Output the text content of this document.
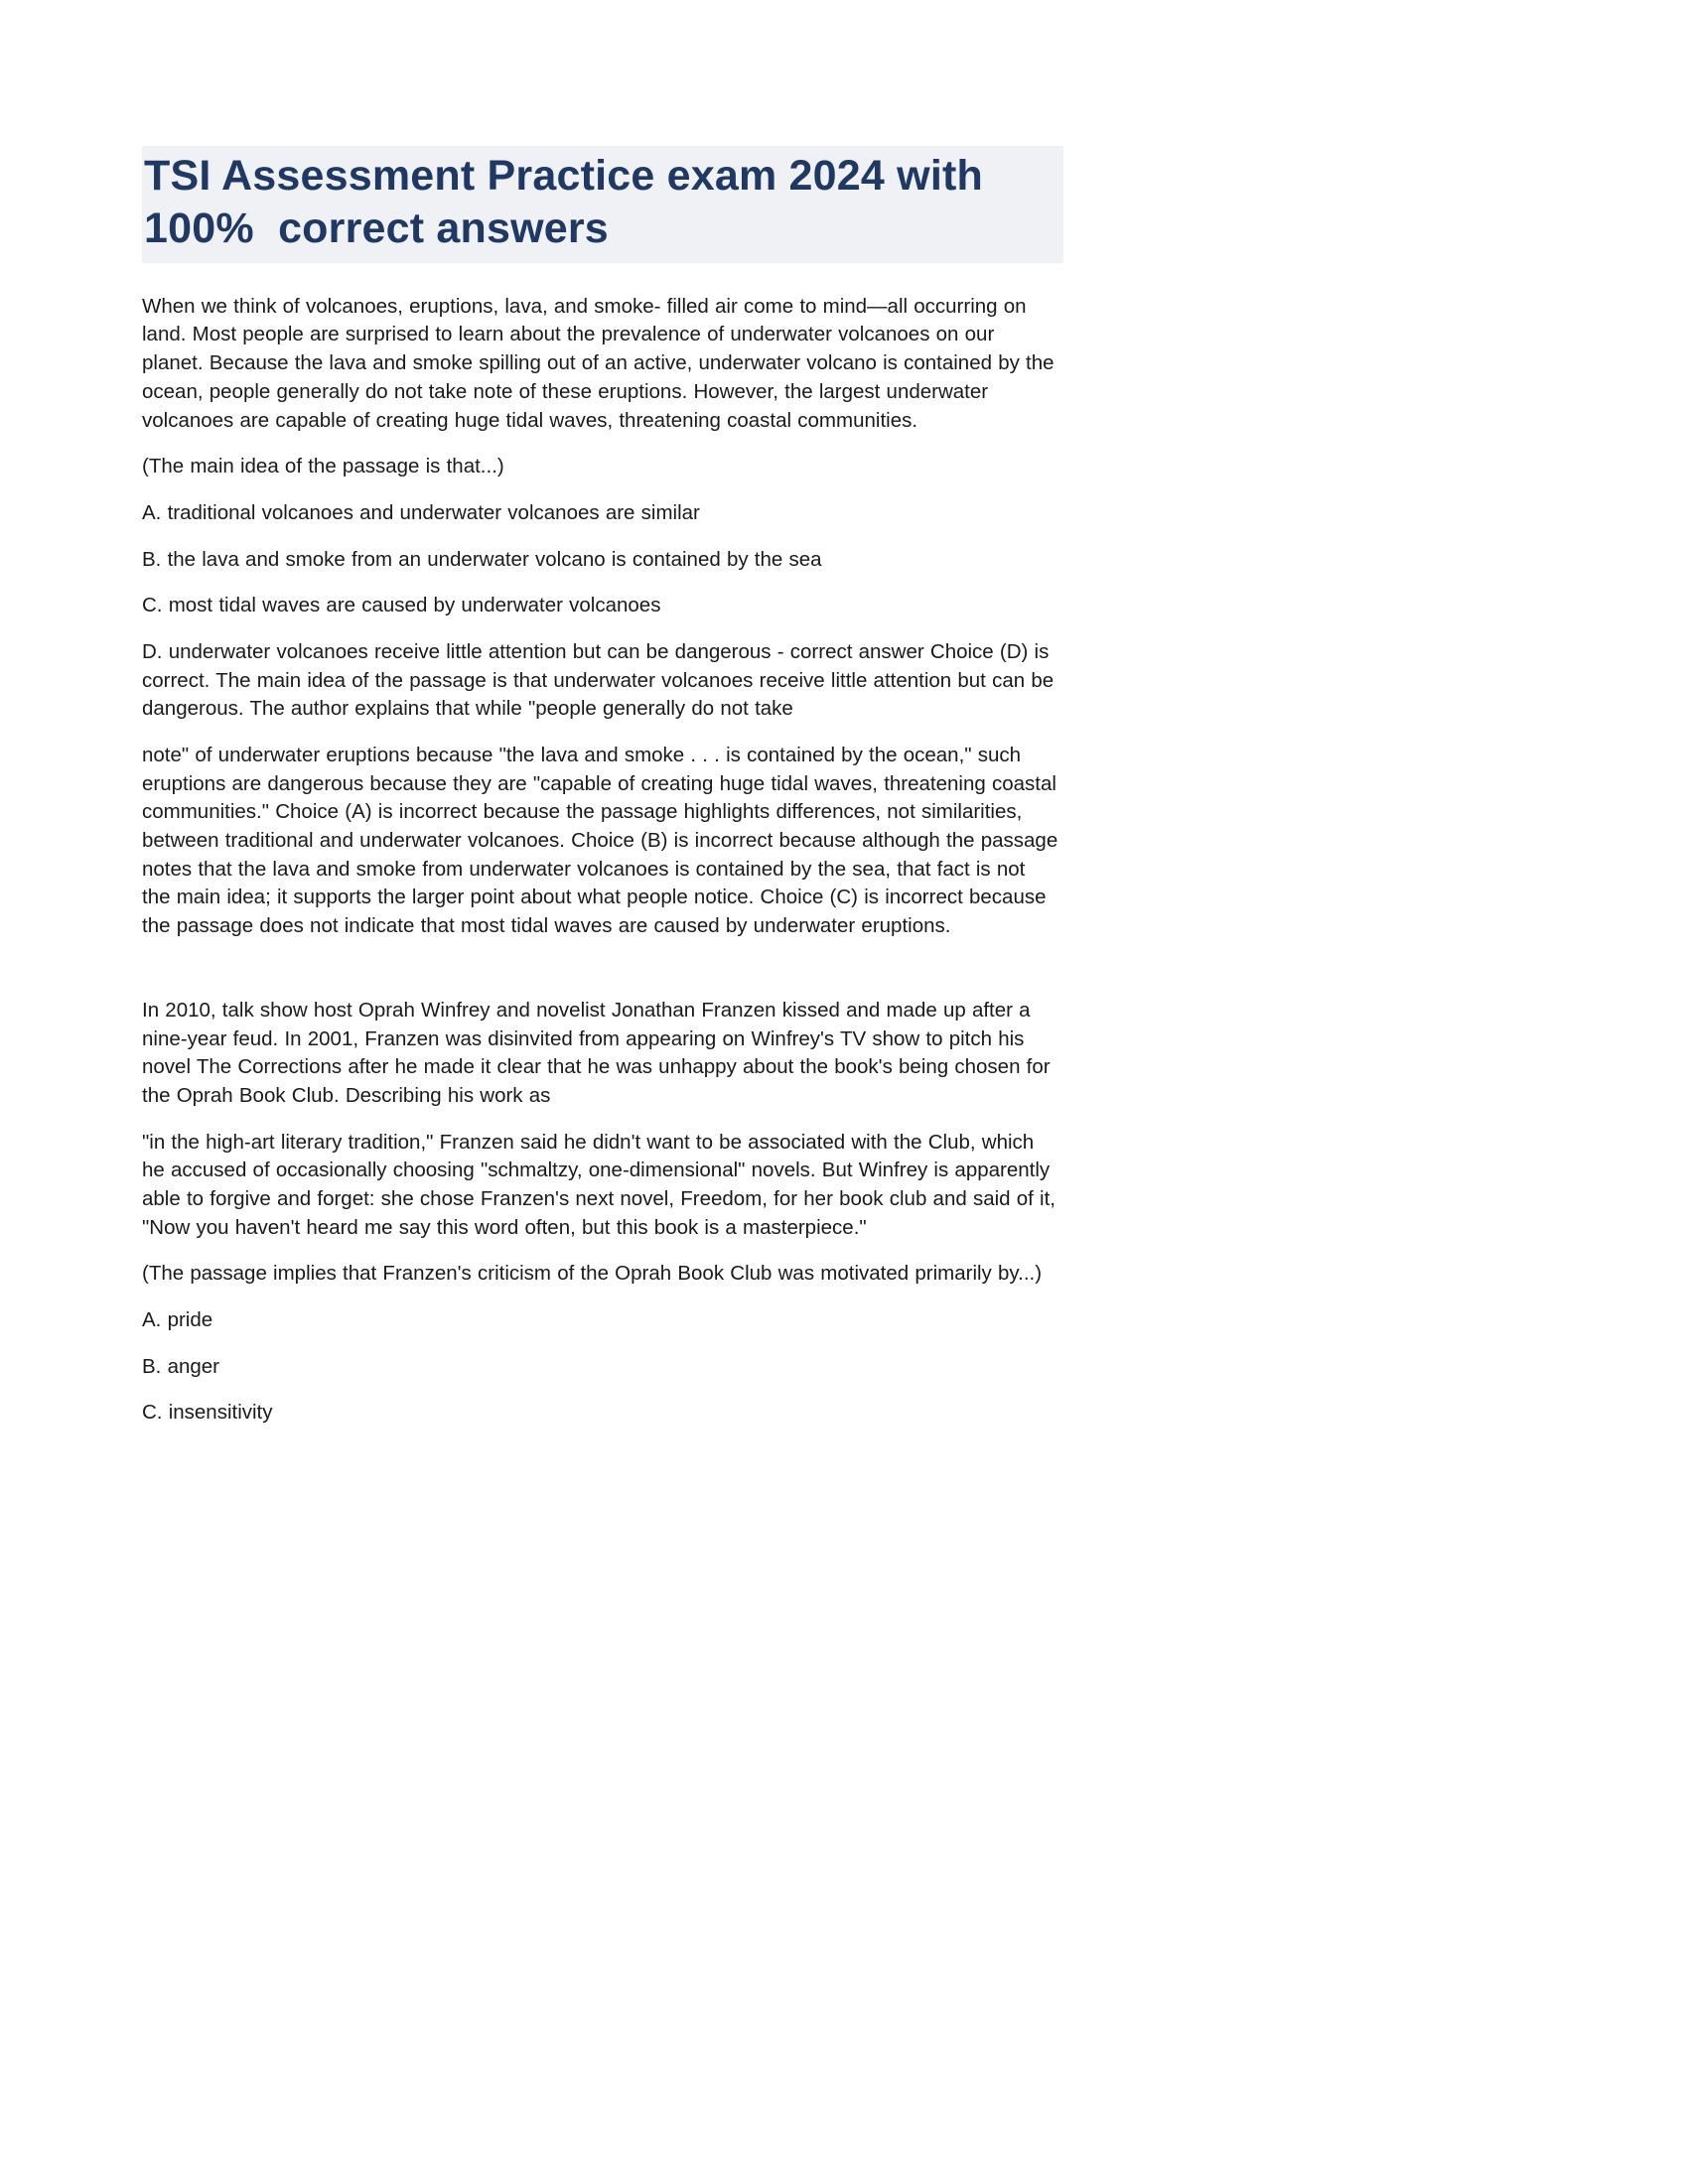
TSI Assessment Practice exam 2024 with
100%  correct answers

When we think of volcanoes, eruptions, lava, and smoke- filled air come to mind—all occurring on land. Most people are surprised to learn about the prevalence of underwater volcanoes on our planet. Because the lava and smoke spilling out of an active, underwater volcano is contained by the ocean, people generally do not take note of these eruptions. However, the largest underwater volcanoes are capable of creating huge tidal waves, threatening coastal communities.

(The main idea of the passage is that...)

A. traditional volcanoes and underwater volcanoes are similar

B. the lava and smoke from an underwater volcano is contained by the sea

C. most tidal waves are caused by underwater volcanoes

D. underwater volcanoes receive little attention but can be dangerous - correct answer Choice (D) is correct. The main idea of the passage is that underwater volcanoes receive little attention but can be dangerous. The author explains that while "people generally do not take

note" of underwater eruptions because "the lava and smoke . . . is contained by the ocean," such eruptions are dangerous because they are "capable of creating huge tidal waves, threatening coastal communities." Choice (A) is incorrect because the passage highlights differences, not similarities, between traditional and underwater volcanoes. Choice (B) is incorrect because although the passage notes that the lava and smoke from underwater volcanoes is contained by the sea, that fact is not the main idea; it supports the larger point about what people notice. Choice (C) is incorrect because the passage does not indicate that most tidal waves are caused by underwater eruptions.

In 2010, talk show host Oprah Winfrey and novelist Jonathan Franzen kissed and made up after a nine-year feud. In 2001, Franzen was disinvited from appearing on Winfrey's TV show to pitch his novel The Corrections after he made it clear that he was unhappy about the book's being chosen for the Oprah Book Club. Describing his work as

"in the high-art literary tradition," Franzen said he didn't want to be associated with the Club, which he accused of occasionally choosing "schmaltzy, one-dimensional" novels. But Winfrey is apparently able to forgive and forget: she chose Franzen's next novel, Freedom, for her book club and said of it, "Now you haven't heard me say this word often, but this book is a masterpiece."

(The passage implies that Franzen's criticism of the Oprah Book Club was motivated primarily by...)

A. pride

B. anger

C. insensitivity
